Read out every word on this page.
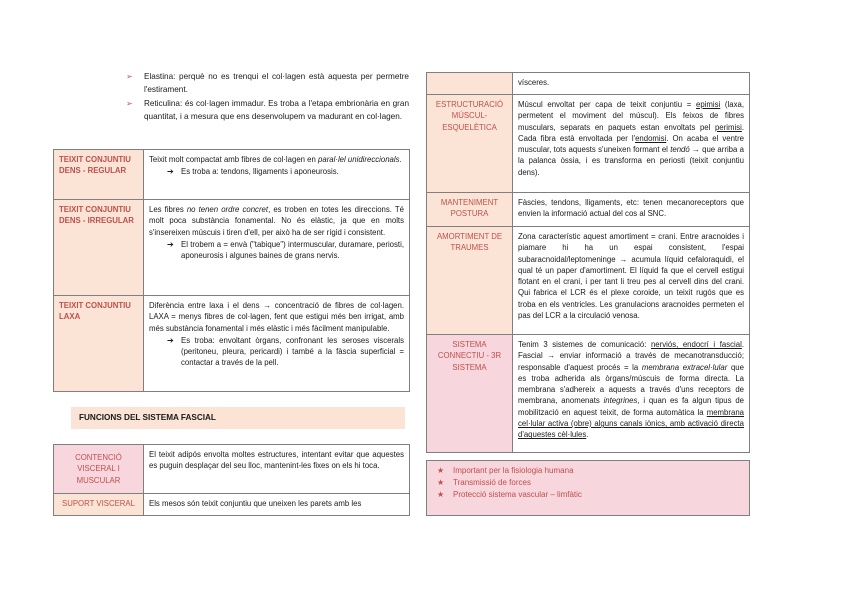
➢	Elastina: perquè no es trenqui el col·lagen està aquesta per permetre l'estirament.
➢	Reticulina: és col·lagen immadur. Es troba a l'etapa embrionària en gran quantitat, i a mesura que ens desenvolupem va madurant en col·lagen.
TEIXIT CONJUNTIU DENS - REGULAR	Teixit molt compactat amb fibres de col·lagen en paral·lel unidireccionals.
➔ Es troba a: tendons, lligaments i aponeurosis.

TEIXIT CONJUNTIU DENS - IRREGULAR	Les fibres no tenen ordre concret, es troben en totes les direccions. Té molt poca substància fonamental. No és elàstic, ja que en molts s'insereixen múscuis i tiren d'ell, per això ha de ser rígid i consistent.
➔ El trobem a = envà ("tabique") intermuscular, duramare, periosti, aponeurosis i algunes baines de grans nervis.

TEIXIT CONJUNTIU LAXA	Diferència entre laxa i el dens → concentració de fibres de col·lagen. LAXA = menys fibres de col·lagen, fent que estigui més ben irrigat, amb més substància fonamental i més elàstic i més fàcilment manipulable.
➔ Es troba: envoltant òrgans, confronant les seroses viscerals (peritoneu, pleura, pericardi) i també a la fàscia superficial = contactar a través de la pell.
FUNCIONS DEL SISTEMA FASCIAL
CONTENCIÓ VISCERAL I MUSCULAR	El teixit adipós envolta moltes estructures, intentant evitar que aquestes es puguin desplaçar del seu lloc, mantenint-les fixes on els hi toca.
SUPORT VISCERAL	Els mesos són teixit conjuntiu que uneixen les parets amb les
	vísceres.
ESTRUCTURACIÓ MÚSCUL-ESQUELÈTICA	Múscul envoltat per capa de teixit conjuntiu = epimisi (laxa, permetent el moviment del múscul). Els feixos de fibres musculars, separats en paquets estan envoltats pel perimisi. Cada fibra està envoltada per l'endomisi. On acaba el ventre muscular, tots aquests s'uneixen formant el tendó → que arriba a la palanca òssia, i es transforma en periosti (teixit conjuntiu dens).
MANTENIMENT POSTURA	Fàscies, tendons, lligaments, etc: tenen mecanoreceptors que envien la informació actual del cos al SNC.
AMORTIMENT DE TRAUMES	Zona característic aquest amortiment = crani. Entre aracnoides i piamare hi ha un espai consistent, l'espai subaracnoidal/leptomeninge → acumula líquid cefaloraquidi, el qual té un paper d'amortiment. El líquid fa que el cervell estigui flotant en el crani, i per tant li treu pes al cervell dins del crani. Qui fabrica el LCR és el plexe coroide, un teixit rugós que es troba en els ventricles. Les granulacions aracnoides permeten el pas del LCR a la circulació venosa.
SISTEMA CONNECTIU - 3R SISTEMA	Tenim 3 sistemes de comunicació: nerviós, endocrí i fascial. Fascial → enviar informació a través de mecanotransducció; responsable d'aquest procés = la membrana extracel·lular que es troba adherida als òrgans/múscuis de forma directa. La membrana s'adhereix a aquests a través d'uns receptors de membrana, anomenats integrines, i quan es fa algun tipus de mobilització en aquest teixit, de forma automàtica la membrana cel·lular activa (obre) alguns canals iònics, amb activació directa d'aquestes cèl·lules.
★	Important per la fisiologia humana
★	Transmissió de forces
★	Protecció sistema vascular – limfàtic
